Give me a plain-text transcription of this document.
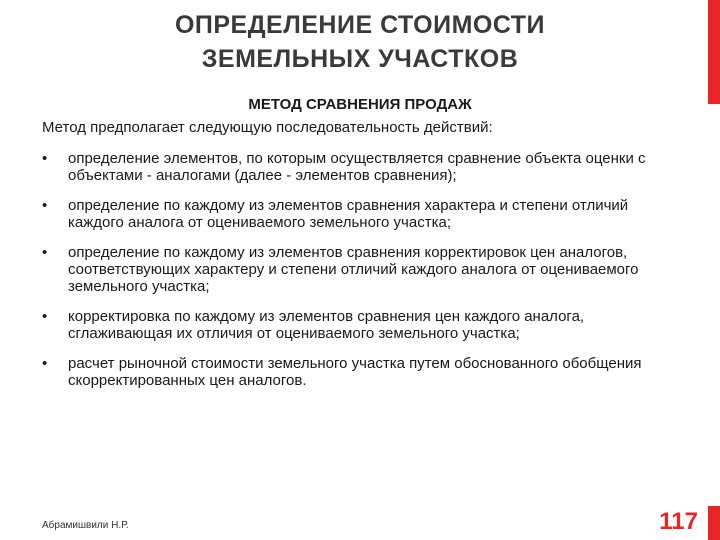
ОПРЕДЕЛЕНИЕ СТОИМОСТИ
ЗЕМЕЛЬНЫХ УЧАСТКОВ
МЕТОД СРАВНЕНИЯ ПРОДАЖ
Метод предполагает следующую последовательность действий:
• определение элементов, по которым осуществляется сравнение объекта оценки с объектами - аналогами (далее - элементов сравнения);
• определение по каждому из элементов сравнения характера и степени отличий каждого аналога от оцениваемого земельного участка;
• определение по каждому из элементов сравнения корректировок цен аналогов, соответствующих характеру и степени отличий каждого аналога от оцениваемого земельного участка;
• корректировка по каждому из элементов сравнения цен каждого аналога, сглаживающая их отличия от оцениваемого земельного участка;
• расчет рыночной стоимости земельного участка путем обоснованного обобщения скорректированных цен аналогов.
Абрамишвили Н.Р.	117
